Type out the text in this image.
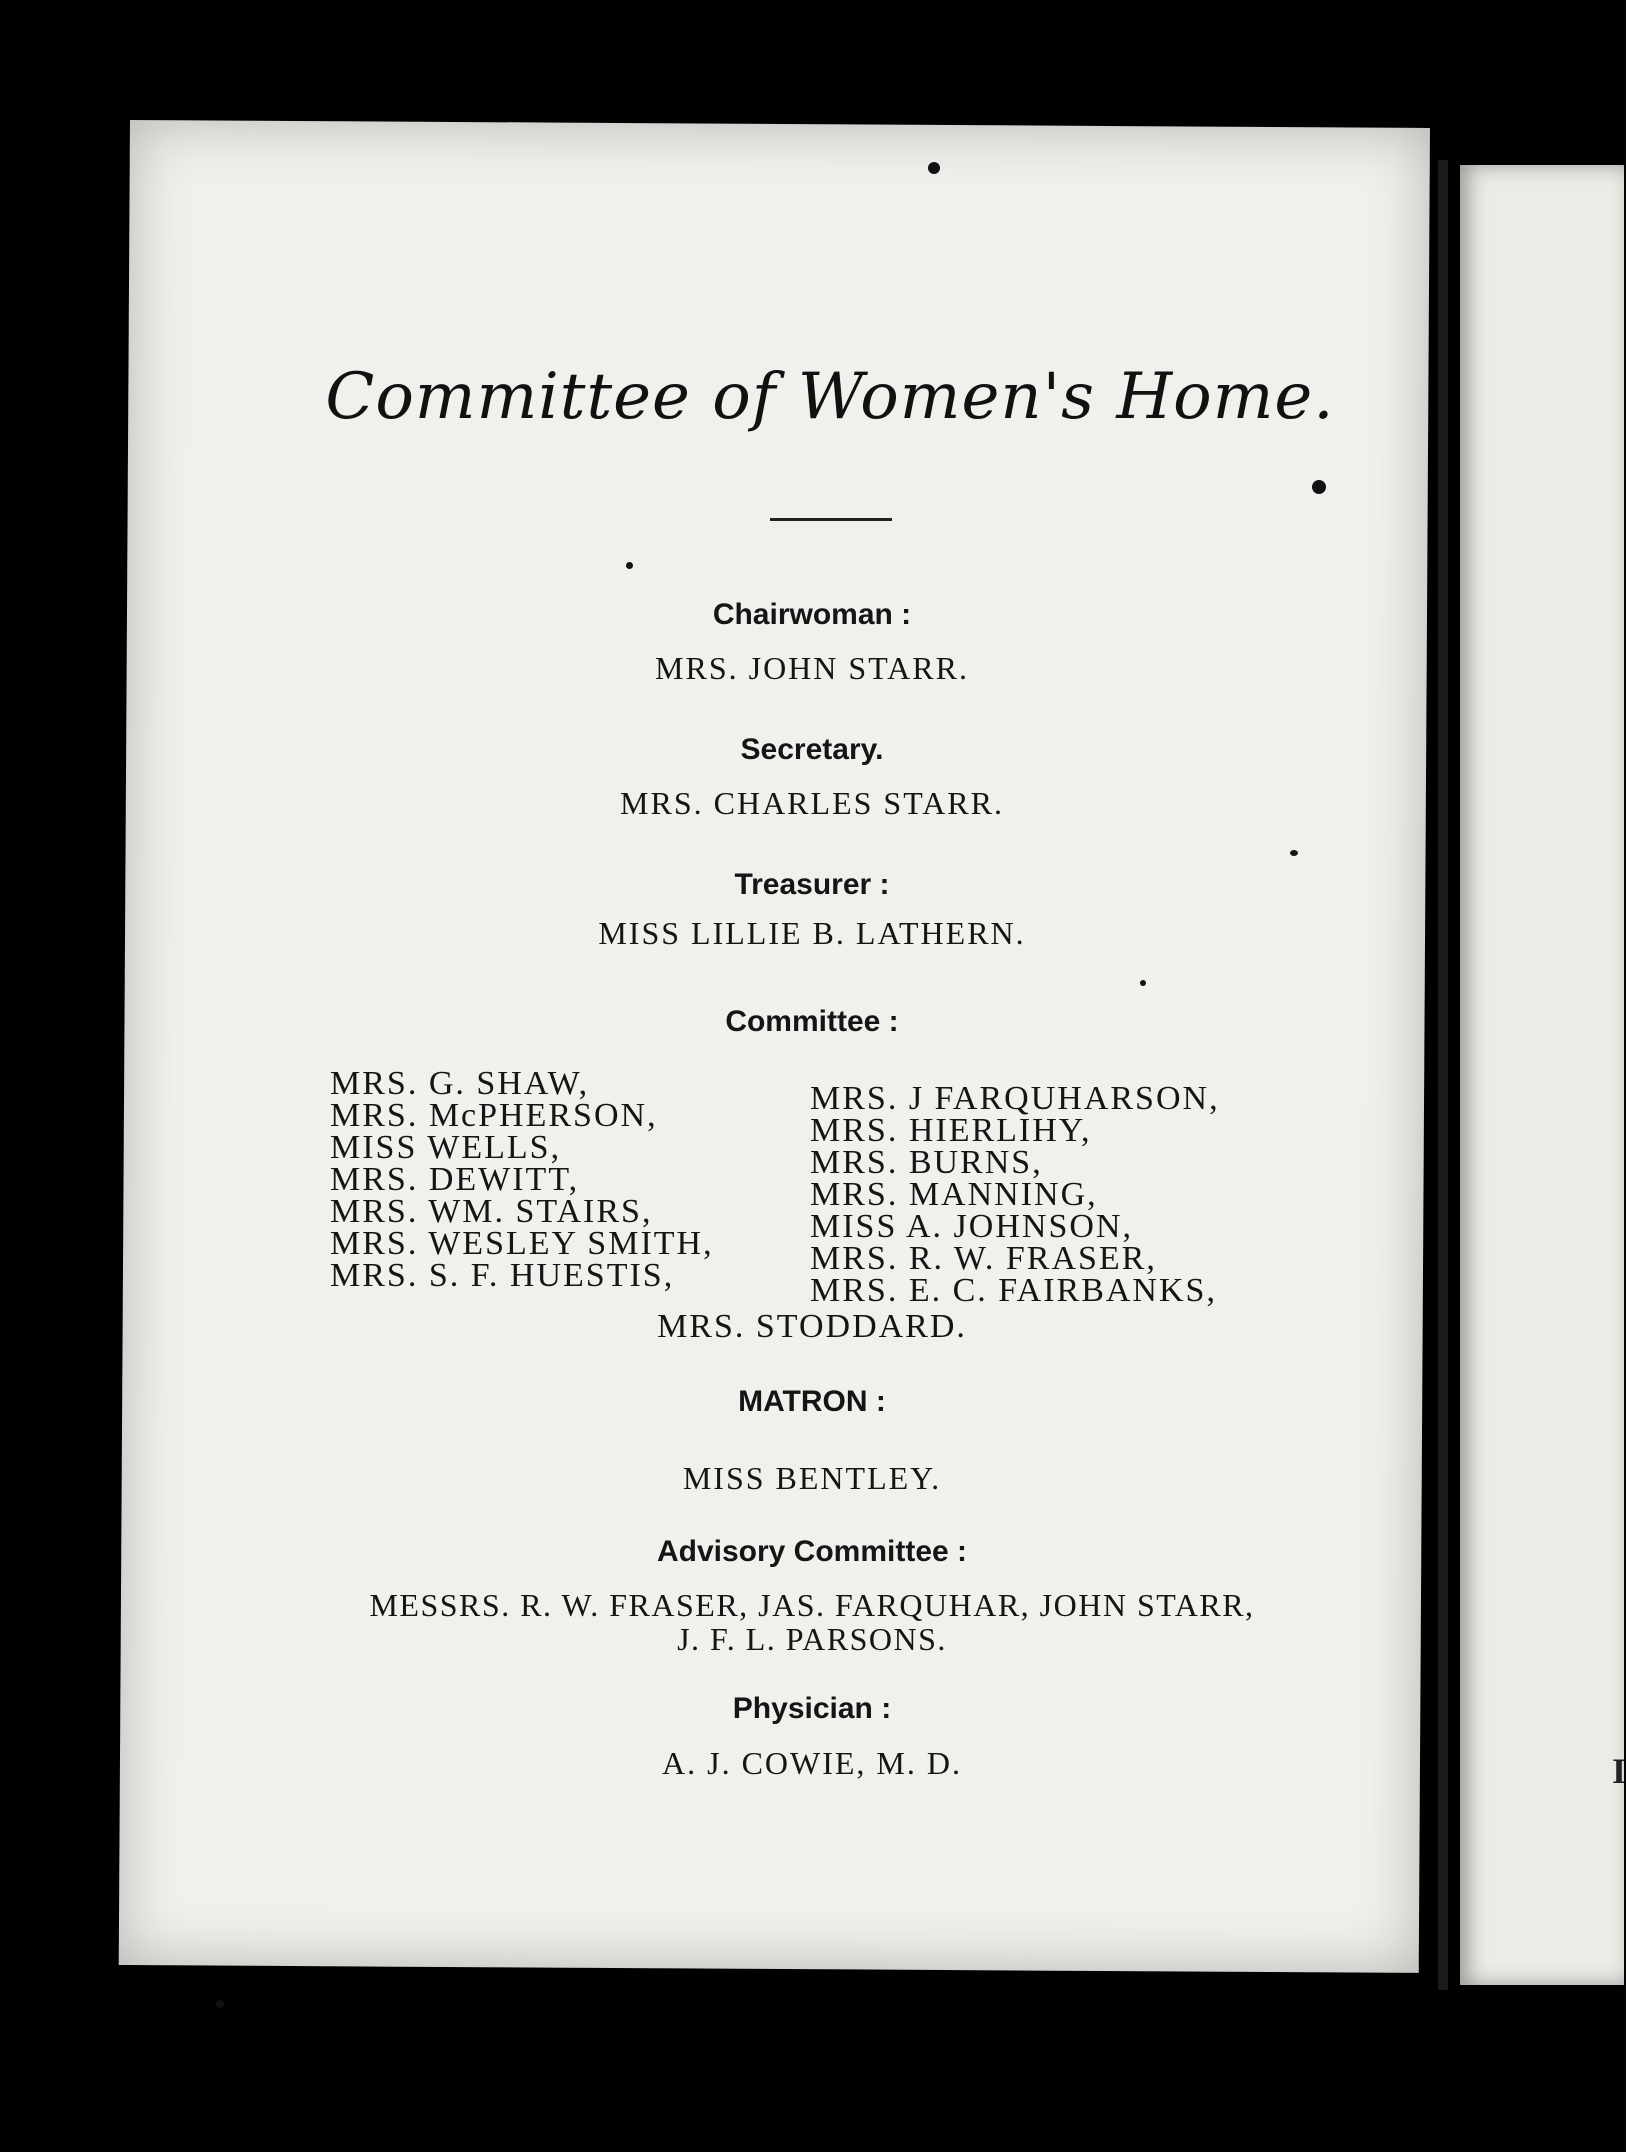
I
Committee of Women's Home.
Chairwoman :
MRS. JOHN STARR.
Secretary.
MRS. CHARLES STARR.
Treasurer :
MISS LILLIE B. LATHERN.
Committee :
MRS. G. SHAW,
MRS. McPHERSON,
MISS WELLS,
MRS. DEWITT,
MRS. WM. STAIRS,
MRS. WESLEY SMITH,
MRS. S. F. HUESTIS,
MRS. J FARQUHARSON,
MRS. HIERLIHY,
MRS. BURNS,
MRS. MANNING,
MISS A. JOHNSON,
MRS. R. W. FRASER,
MRS. E. C. FAIRBANKS,
MRS. STODDARD.
MATRON :
MISS BENTLEY.
Advisory Committee :
MESSRS. R. W. FRASER, JAS. FARQUHAR, JOHN STARR,
J. F. L. PARSONS.
Physician :
A. J. COWIE, M. D.
